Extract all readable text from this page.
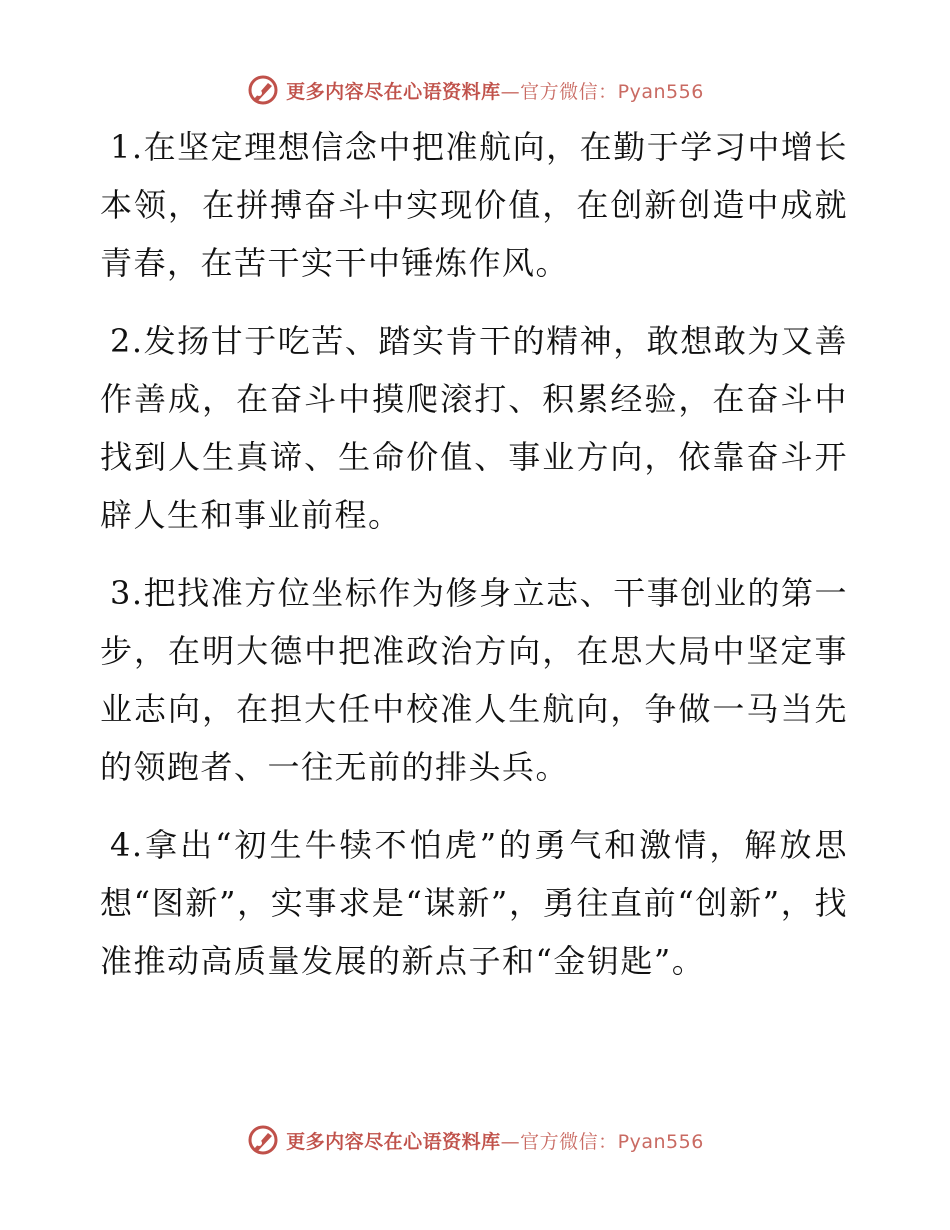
更多内容尽在心语资料库—官方微信：Pyan556

1.在坚定理想信念中把准航向，在勤于学习中增长本领，在拼搏奋斗中实现价值，在创新创造中成就青春，在苦干实干中锤炼作风。

2.发扬甘于吃苦、踏实肯干的精神，敢想敢为又善作善成，在奋斗中摸爬滚打、积累经验，在奋斗中找到人生真谛、生命价值、事业方向，依靠奋斗开辟人生和事业前程。

3.把找准方位坐标作为修身立志、干事创业的第一步，在明大德中把准政治方向，在思大局中坚定事业志向，在担大任中校准人生航向，争做一马当先的领跑者、一往无前的排头兵。

4.拿出“初生牛犊不怕虎”的勇气和激情，解放思想“图新”，实事求是“谋新”，勇往直前“创新”，找准推动高质量发展的新点子和“金钥匙”。

更多内容尽在心语资料库—官方微信：Pyan556
